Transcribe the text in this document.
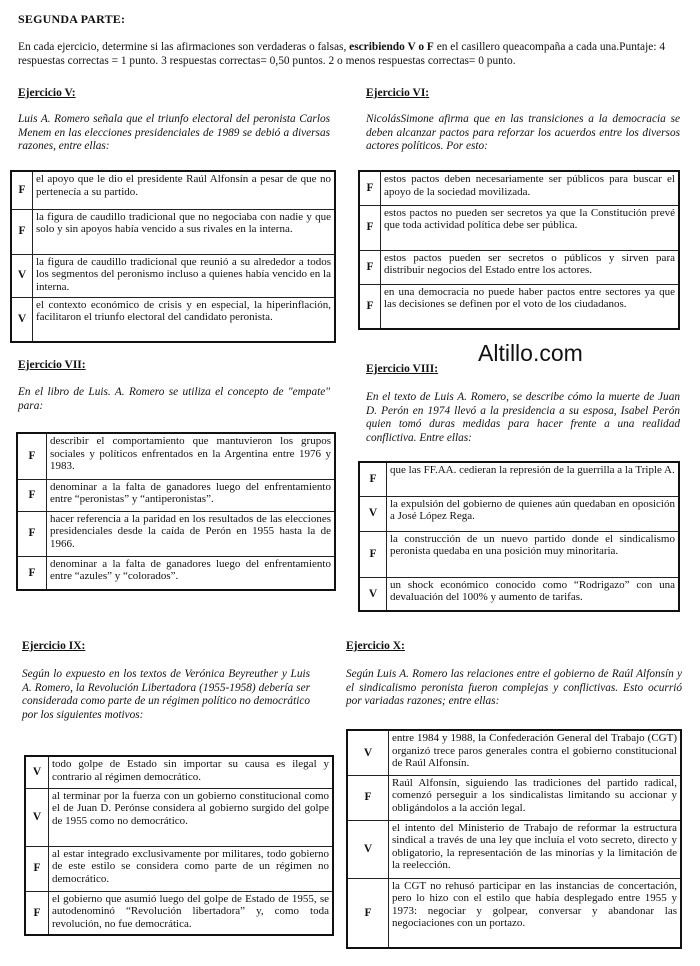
SEGUNDA PARTE:
En cada ejercicio, determine si las afirmaciones son verdaderas o falsas, escribiendo V o F en el casillero queacompaña a cada una.Puntaje: 4 respuestas correctas = 1 punto. 3 respuestas correctas= 0,50 puntos. 2 o menos respuestas correctas= 0 punto.
Ejercicio V:
Luis A. Romero señala que el triunfo electoral del peronista Carlos Menem en las elecciones presidenciales de 1989 se debió a diversas razones, entre ellas:
F	el apoyo que le dio el presidente Raúl Alfonsín a pesar de que no pertenecía a su partido.
F	la figura de caudillo tradicional que no negociaba con nadie y que solo y sin apoyos había vencido a sus rivales en la interna.
V	la figura de caudillo tradicional que reunió a su alrededor a todos los segmentos del peronismo incluso a quienes había vencido en la interna.
V	el contexto económico de crisis y en especial, la hiperinflación, facilitaron el triunfo electoral del candidato peronista.
Ejercicio VI:
NicolásSimone afirma que en las transiciones a la democracia se deben alcanzar pactos para reforzar los acuerdos entre los diversos actores políticos. Por esto:
F	estos pactos deben necesariamente ser públicos para buscar el apoyo de la sociedad movilizada.
F	estos pactos no pueden ser secretos ya que la Constitución prevé que toda actividad política debe ser pública.
F	estos pactos pueden ser secretos o públicos y sirven para distribuir negocios del Estado entre los actores.
F	en una democracia no puede haber pactos entre sectores ya que las decisiones se definen por el voto de los ciudadanos.
Altillo.com
Ejercicio VII:
En el libro de Luis. A. Romero se utiliza el concepto de "empate" para:
F	describir el comportamiento que mantuvieron los grupos sociales y políticos enfrentados en la Argentina entre 1976 y 1983.
F	denominar a la falta de ganadores luego del enfrentamiento entre “peronistas” y “antiperonistas”.
F	hacer referencia a la paridad en los resultados de las elecciones presidenciales desde la caída de Perón en 1955 hasta la de 1966.
F	denominar a la falta de ganadores luego del enfrentamiento entre “azules” y “colorados”.
Ejercicio VIII:
En el texto de Luis A. Romero, se describe cómo la muerte de Juan D. Perón en 1974 llevó a la presidencia a su esposa, Isabel Perón quien tomó duras medidas para hacer frente a una realidad conflictiva. Entre ellas:
F	que las FF.AA. cedieran la represión de la guerrilla a la Triple A.
V	la expulsión del gobierno de quienes aún quedaban en oposición a José López Rega.
F	la construcción de un nuevo partido donde el sindicalismo peronista quedaba en una posición muy minoritaria.
V	un shock económico conocido como “Rodrigazo” con una devaluación del 100% y aumento de tarifas.
Ejercicio IX:
Según lo expuesto en los textos de Verónica Beyreuther y Luis A. Romero, la Revolución Libertadora (1955-1958) debería ser considerada como parte de un régimen político no democrático por los siguientes motivos:
V	todo golpe de Estado sin importar su causa es ilegal y contrario al régimen democrático.
V	al terminar por la fuerza con un gobierno constitucional como el de Juan D. Perónse considera al gobierno surgido del golpe de 1955 como no democrático.
F	al estar integrado exclusivamente por militares, todo gobierno de este estilo se considera como parte de un régimen no democrático.
F	el gobierno que asumió luego del golpe de Estado de 1955, se autodenominó “Revolución libertadora” y, como toda revolución, no fue democrática.
Ejercicio X:
Según Luis A. Romero las relaciones entre el gobierno de Raúl Alfonsín y el sindicalismo peronista fueron complejas y conflictivas. Esto ocurrió por variadas razones; entre ellas:
V	entre 1984 y 1988, la Confederación General del Trabajo (CGT) organizó trece paros generales contra el gobierno constitucional de Raúl Alfonsín.
F	Raúl Alfonsín, siguiendo las tradiciones del partido radical, comenzó perseguir a los sindicalistas limitando su accionar y obligándolos a la acción legal.
V	el intento del Ministerio de Trabajo de reformar la estructura sindical a través de una ley que incluía el voto secreto, directo y obligatorio, la representación de las minorías y la limitación de la reelección.
F	la CGT no rehusó participar en las instancias de concertación, pero lo hizo con el estilo que había desplegado entre 1955 y 1973: negociar y golpear, conversar y abandonar las negociaciones con un portazo.
